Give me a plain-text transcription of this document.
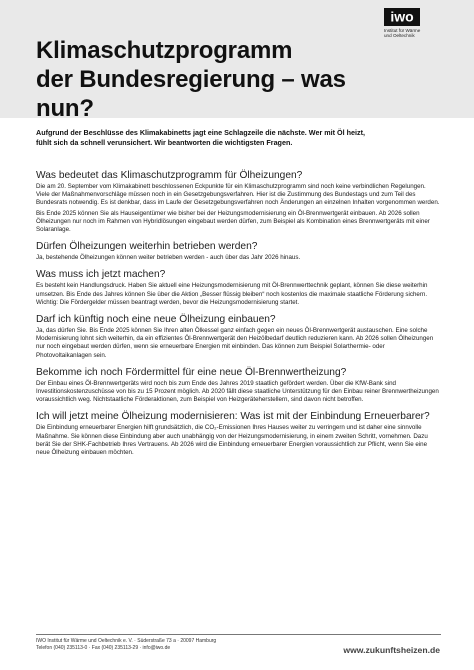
Klimaschutzprogramm
der Bundesregierung – was nun?
iwo
Institut für Wärme
und Oeltechnik
Aufgrund der Beschlüsse des Klimakabinetts jagt eine Schlagzeile die nächste. Wer mit Öl heizt,
fühlt sich da schnell verunsichert. Wir beantworten die wichtigsten Fragen.
Was bedeutet das Klimaschutzprogramm für Ölheizungen?

Die am 20. September vom Klimakabinett beschlossenen Eckpunkte für ein Klimaschutzprogramm sind noch keine verbindlichen Regelungen. Viele der Maßnahmenvorschläge müssen noch in ein Gesetzgebungsverfahren. Hier ist die Zustimmung des Bundestags und zum Teil des Bundesrats notwendig. Es ist denkbar, dass im Laufe der Gesetzgebungsverfahren noch Änderungen an einzelnen Inhalten vorgenommen werden.

Bis Ende 2025 können Sie als Hauseigentümer wie bisher bei der Heizungsmodernisierung ein Öl-Brennwertgerät einbauen. Ab 2026 sollen Ölheizungen nur noch im Rahmen von Hybridlösungen eingebaut werden dürfen, zum Beispiel als Kombination eines Brennwertgeräts mit einer Solaranlage.

Dürfen Ölheizungen weiterhin betrieben werden?

Ja, bestehende Ölheizungen können weiter betrieben werden - auch über das Jahr 2026 hinaus.

Was muss ich jetzt machen?

Es besteht kein Handlungsdruck. Haben Sie aktuell eine Heizungsmodernisierung mit Öl-Brennwerttechnik geplant, können Sie diese weiterhin umsetzen. Bis Ende des Jahres können Sie über die Aktion „Besser flüssig bleiben“ noch kostenlos die maximale staatliche Förderung sichern. Wichtig: Die Fördergelder müssen beantragt werden, bevor die Heizungsmodernisierung startet.

Darf ich künftig noch eine neue Ölheizung einbauen?

Ja, das dürfen Sie. Bis Ende 2025 können Sie Ihren alten Ölkessel ganz einfach gegen ein neues Öl-Brennwertgerät austauschen. Eine solche Modernisierung lohnt sich weiterhin, da ein effizientes Öl-Brennwertgerät den Heizölbedarf deutlich reduzieren kann. Ab 2026 sollen Ölheizungen nur noch eingebaut werden dürfen, wenn sie erneuerbare Energien mit einbinden. Das können zum Beispiel Solarthermie- oder Photovoltaikanlagen sein.

Bekomme ich noch Fördermittel für eine neue Öl-Brennwertheizung?

Der Einbau eines Öl-Brennwertgeräts wird noch bis zum Ende des Jahres 2019 staatlich gefördert werden. Über die KfW-Bank sind Investitionskostenzuschüsse von bis zu 15 Prozent möglich. Ab 2020 fällt diese staatliche Unterstützung für den Einbau reiner Brennwertheizungen voraussichtlich weg. Nichtstaatliche Förderaktionen, zum Beispiel von Heizgeräteherstellern, sind davon nicht betroffen.

Ich will jetzt meine Ölheizung modernisieren: Was ist mit der Einbindung Erneuerbarer?

Die Einbindung erneuerbarer Energien hilft grundsätzlich, die CO₂-Emissionen Ihres Hauses weiter zu verringern und ist daher eine sinnvolle Maßnahme. Sie können diese Einbindung aber auch unabhängig von der Heizungsmodernisierung, in einem zweiten Schritt, vornehmen. Dazu berät Sie der SHK-Fachbetrieb Ihres Vertrauens. Ab 2026 wird die Einbindung erneuerbarer Energien voraussichtlich zur Pflicht, wenn Sie eine neue Ölheizung einbauen möchten.

IWO Institut für Wärme und Oeltechnik e. V. · Süderstraße 73 a · 20097 Hamburg
Telefon (040) 235113-0 · Fax (040) 235113-29 · info@iwo.de	www.zukunftsheizen.de
